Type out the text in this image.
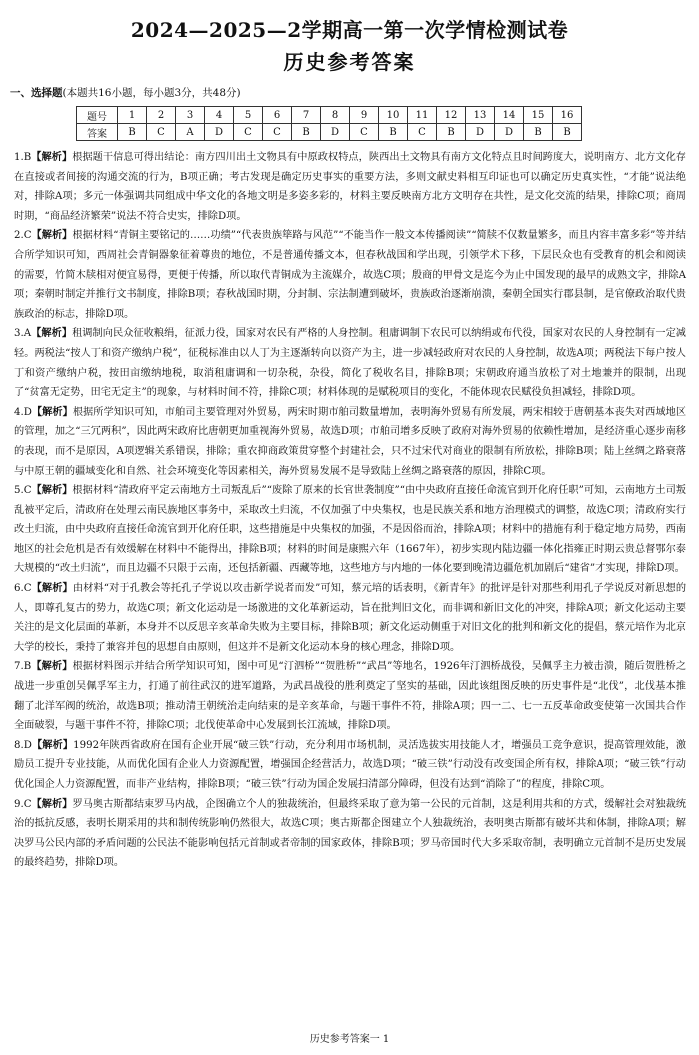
2024—2025—2学期高一第一次学情检测试卷
历史参考答案
一、选择题(本题共16小题，每小题3分，共48分)
题号	1	2	3	4	5	6	7	8	9	10	11	12	13	14	15	16
答案	B	C	A	D	C	C	B	D	C	B	C	B	D	D	B	B
1.B【解析】根据题干信息可得出结论：南方四川出土文物具有中原政权特点，陕西出土文物具有南方文化特点且时间跨度大，说明南方、北方文化存在直接或者间接的沟通交流的行为，B项正确；考古发现是确定历史事实的重要方法，多则文献史料相互印证也可以确定历史真实性，“才能”说法绝对，排除A项；多元一体强调共同组成中华文化的各地文明是多姿多彩的，材料主要反映南方北方文明存在共性，是文化交流的结果，排除C项；商周时期，“商品经济繁荣”说法不符合史实，排除D项。
2.C【解析】根据材料“青铜主要铭记的……功绩”“代表贵族筚路与风范”“不能当作一般文本传播阅读”“简牍不仅数量繁多，而且内容丰富多彩”等并结合所学知识可知，西周社会青铜器象征着尊贵的地位，不是普通传播文本，但春秋战国和学出现，引领学术下移，下层民众也有受教育的机会和阅读的需要，竹简木牍相对便宜易得，更便于传播，所以取代青铜成为主流媒介，故选C项；殷商的甲骨文是迄今为止中国发现的最早的成熟文字，排除A项；秦朝时制定并推行文书制度，排除B项；春秋战国时期，分封制、宗法制遭到破坏，贵族政治逐渐崩溃，秦朝全国实行郡县制，是官僚政治取代贵族政治的标志，排除D项。
3.A【解析】租调制向民众征收粮绢，征派力役，国家对农民有严格的人身控制。租庸调制下农民可以纳绢或布代役，国家对农民的人身控制有一定减轻。两税法“按人丁和资产缴纳户税”，征税标准由以人丁为主逐渐转向以资产为主，进一步减轻政府对农民的人身控制，故选A项；两税法下每户按人丁和资产缴纳户税，按田亩缴纳地税，取消租庸调和一切杂税，杂役，简化了税收名目，排除B项；宋朝政府通当放松了对土地兼并的限制，出现了“贫富无定势，田宅无定主”的现象，与材料时间不符，排除C项；材料体现的是赋税项目的变化，不能体现农民赋役负担减轻，排除D项。
4.D【解析】根据所学知识可知，市舶司主要管理对外贸易，两宋时期市舶司数量增加，表明海外贸易有所发展，两宋相较于唐朝基本丧失对西域地区的管理，加之“三冗两积”，因此两宋政府比唐朝更加重视海外贸易，故选D项；市舶司增多反映了政府对海外贸易的依赖性增加，是经济重心逐步南移的表现，而不是原因，A项逻辑关系错误，排除；重农抑商政策贯穿整个封建社会，只不过宋代对商业的限制有所放松，排除B项；陆上丝绸之路衰落与中原王朝的疆域变化和自然、社会环境变化等因素相关，海外贸易发展不是导致陆上丝绸之路衰落的原因，排除C项。
5.C【解析】根据材料“清政府平定云南地方土司叛乱后”“废除了原来的长官世袭制度”“由中央政府直接任命流官到开化府任职”可知，云南地方土司叛乱被平定后，清政府在处理云南民族地区事务中，采取改土归流，不仅加强了中央集权，也是民族关系和地方治理模式的调整，故选C项；清政府实行改土归流，由中央政府直接任命流官到开化府任职，这些措施是中央集权的加强，不是因俗而治，排除A项；材料中的措施有利于稳定地方局势，西南地区的社会危机是否有效缓解在材料中不能得出，排除B项；材料的时间是康熙六年（1667年），初步实现内陆边疆一体化指雍正时期云贵总督鄂尔泰大规模的“改土归流”，而且边疆不只限于云南，还包括新疆、西藏等地，这些地方与内地的一体化要到晚清边疆危机加剧后“建省”才实现，排除D项。
6.C【解析】由材料“对于孔教会等托孔子学说以攻击新学说者而发”可知，蔡元培的话表明，《新青年》的批评是针对那些利用孔子学说反对新思想的人，即尊孔复古的势力，故选C项；新文化运动是一场激进的文化革新运动，旨在批判旧文化，而非调和新旧文化的冲突，排除A项；新文化运动主要关注的是文化层面的革新，本身并不以反思辛亥革命失败为主要目标，排除B项；新文化运动侧重于对旧文化的批判和新文化的提倡，蔡元培作为北京大学的校长，秉持了兼容并包的思想自由原则，但这并不是新文化运动本身的核心理念，排除D项。
7.B【解析】根据材料图示并结合所学知识可知，图中可见“汀泗桥”“贺胜桥”“武昌”等地名，1926年汀泗桥战役，吴佩孚主力被击溃，随后贺胜桥之战进一步重创吴佩孚军主力，打通了前往武汉的进军道路，为武昌战役的胜利奠定了坚实的基础，因此该组图反映的历史事件是“北伐”，北伐基本推翻了北洋军阀的统治，故选B项；推动清王朝统治走向结束的是辛亥革命，与题干事件不符，排除A项；四一二、七一五反革命政变使第一次国共合作全面破裂，与题干事件不符，排除C项；北伐使革命中心发展到长江流域，排除D项。
8.D【解析】1992年陕西省政府在国有企业开展“破三铁”行动，充分利用市场机制，灵活选拔实用技能人才，增强员工竞争意识，提高管理效能，激励员工提升专业技能，从而优化国有企业人力资源配置，增强国企经营活力，故选D项；“破三铁”行动没有改变国企所有权，排除A项；“破三铁”行动优化国企人力资源配置，而非产业结构，排除B项；“破三铁”行动为国企发展扫清部分障碍，但没有达到“消除了”的程度，排除C项。
9.C【解析】罗马奥古斯都结束罗马内战，企图确立个人的独裁统治，但最终采取了意为第一公民的元首制，这是利用共和的方式，缓解社会对独裁统治的抵抗反感，表明长期采用的共和制传统影响仍然很大，故选C项；奥古斯都企图建立个人独裁统治，表明奥古斯都有破坏共和体制，排除A项；解决罗马公民内部的矛盾问题的公民法不能影响包括元首制或者帝制的国家政体，排除B项；罗马帝国时代大多采取帝制，表明确立元首制不是历史发展的最终趋势，排除D项。
历史参考答案一 1
